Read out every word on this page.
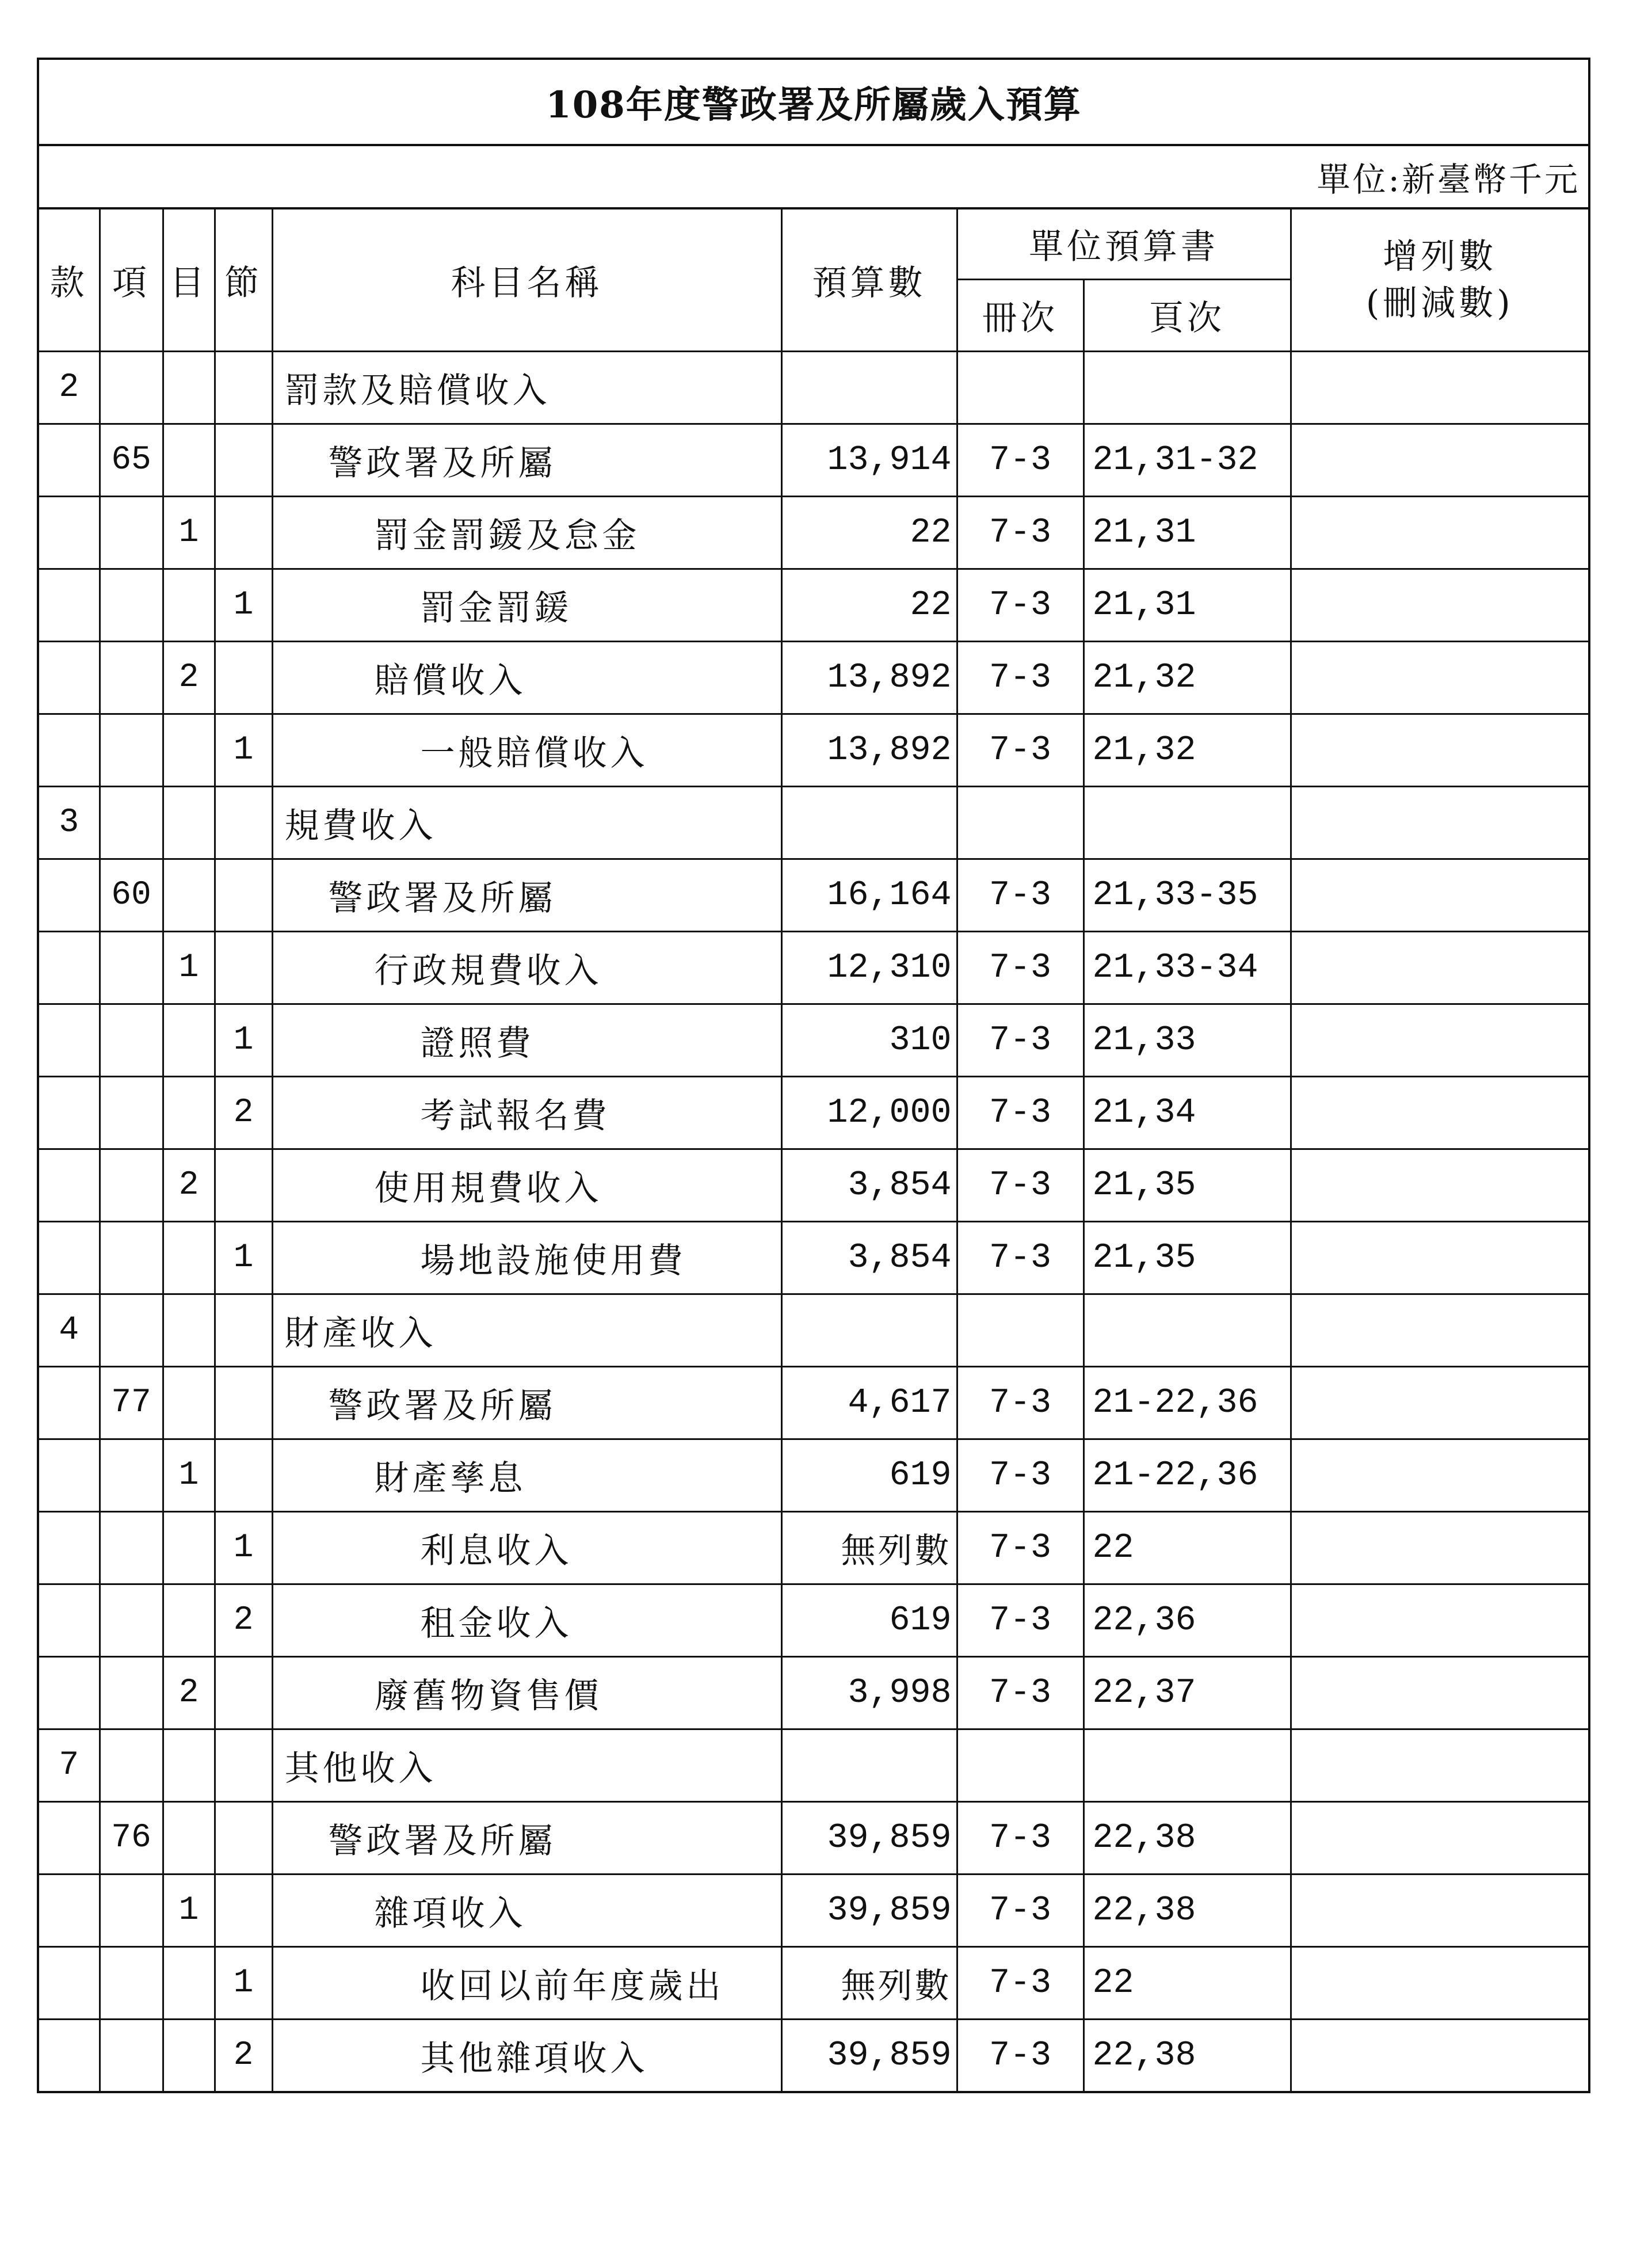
108年度警政署及所屬歲入預算
單位:新臺幣千元
款	項	目	節	科目名稱	預算數	單位預算書		增列數
(刪減數)

						冊次	頁次	
2				罰款及賠償收入				
	65			警政署及所屬	13,914	7-3	21,31-32	
		1		罰金罰鍰及怠金	22	7-3	21,31	
			1	罰金罰鍰	22	7-3	21,31	
		2		賠償收入	13,892	7-3	21,32	
			1	一般賠償收入	13,892	7-3	21,32	
3				規費收入				
	60			警政署及所屬	16,164	7-3	21,33-35	
		1		行政規費收入	12,310	7-3	21,33-34	
			1	證照費	310	7-3	21,33	
			2	考試報名費	12,000	7-3	21,34	
		2		使用規費收入	3,854	7-3	21,35	
			1	場地設施使用費	3,854	7-3	21,35	
4				財產收入				
	77			警政署及所屬	4,617	7-3	21-22,36	
		1		財產孳息	619	7-3	21-22,36	
			1	利息收入	無列數	7-3	22	
			2	租金收入	619	7-3	22,36	
		2		廢舊物資售價	3,998	7-3	22,37	
7				其他收入				
	76			警政署及所屬	39,859	7-3	22,38	
		1		雜項收入	39,859	7-3	22,38	
			1	收回以前年度歲出	無列數	7-3	22	
			2	其他雜項收入	39,859	7-3	22,38	
